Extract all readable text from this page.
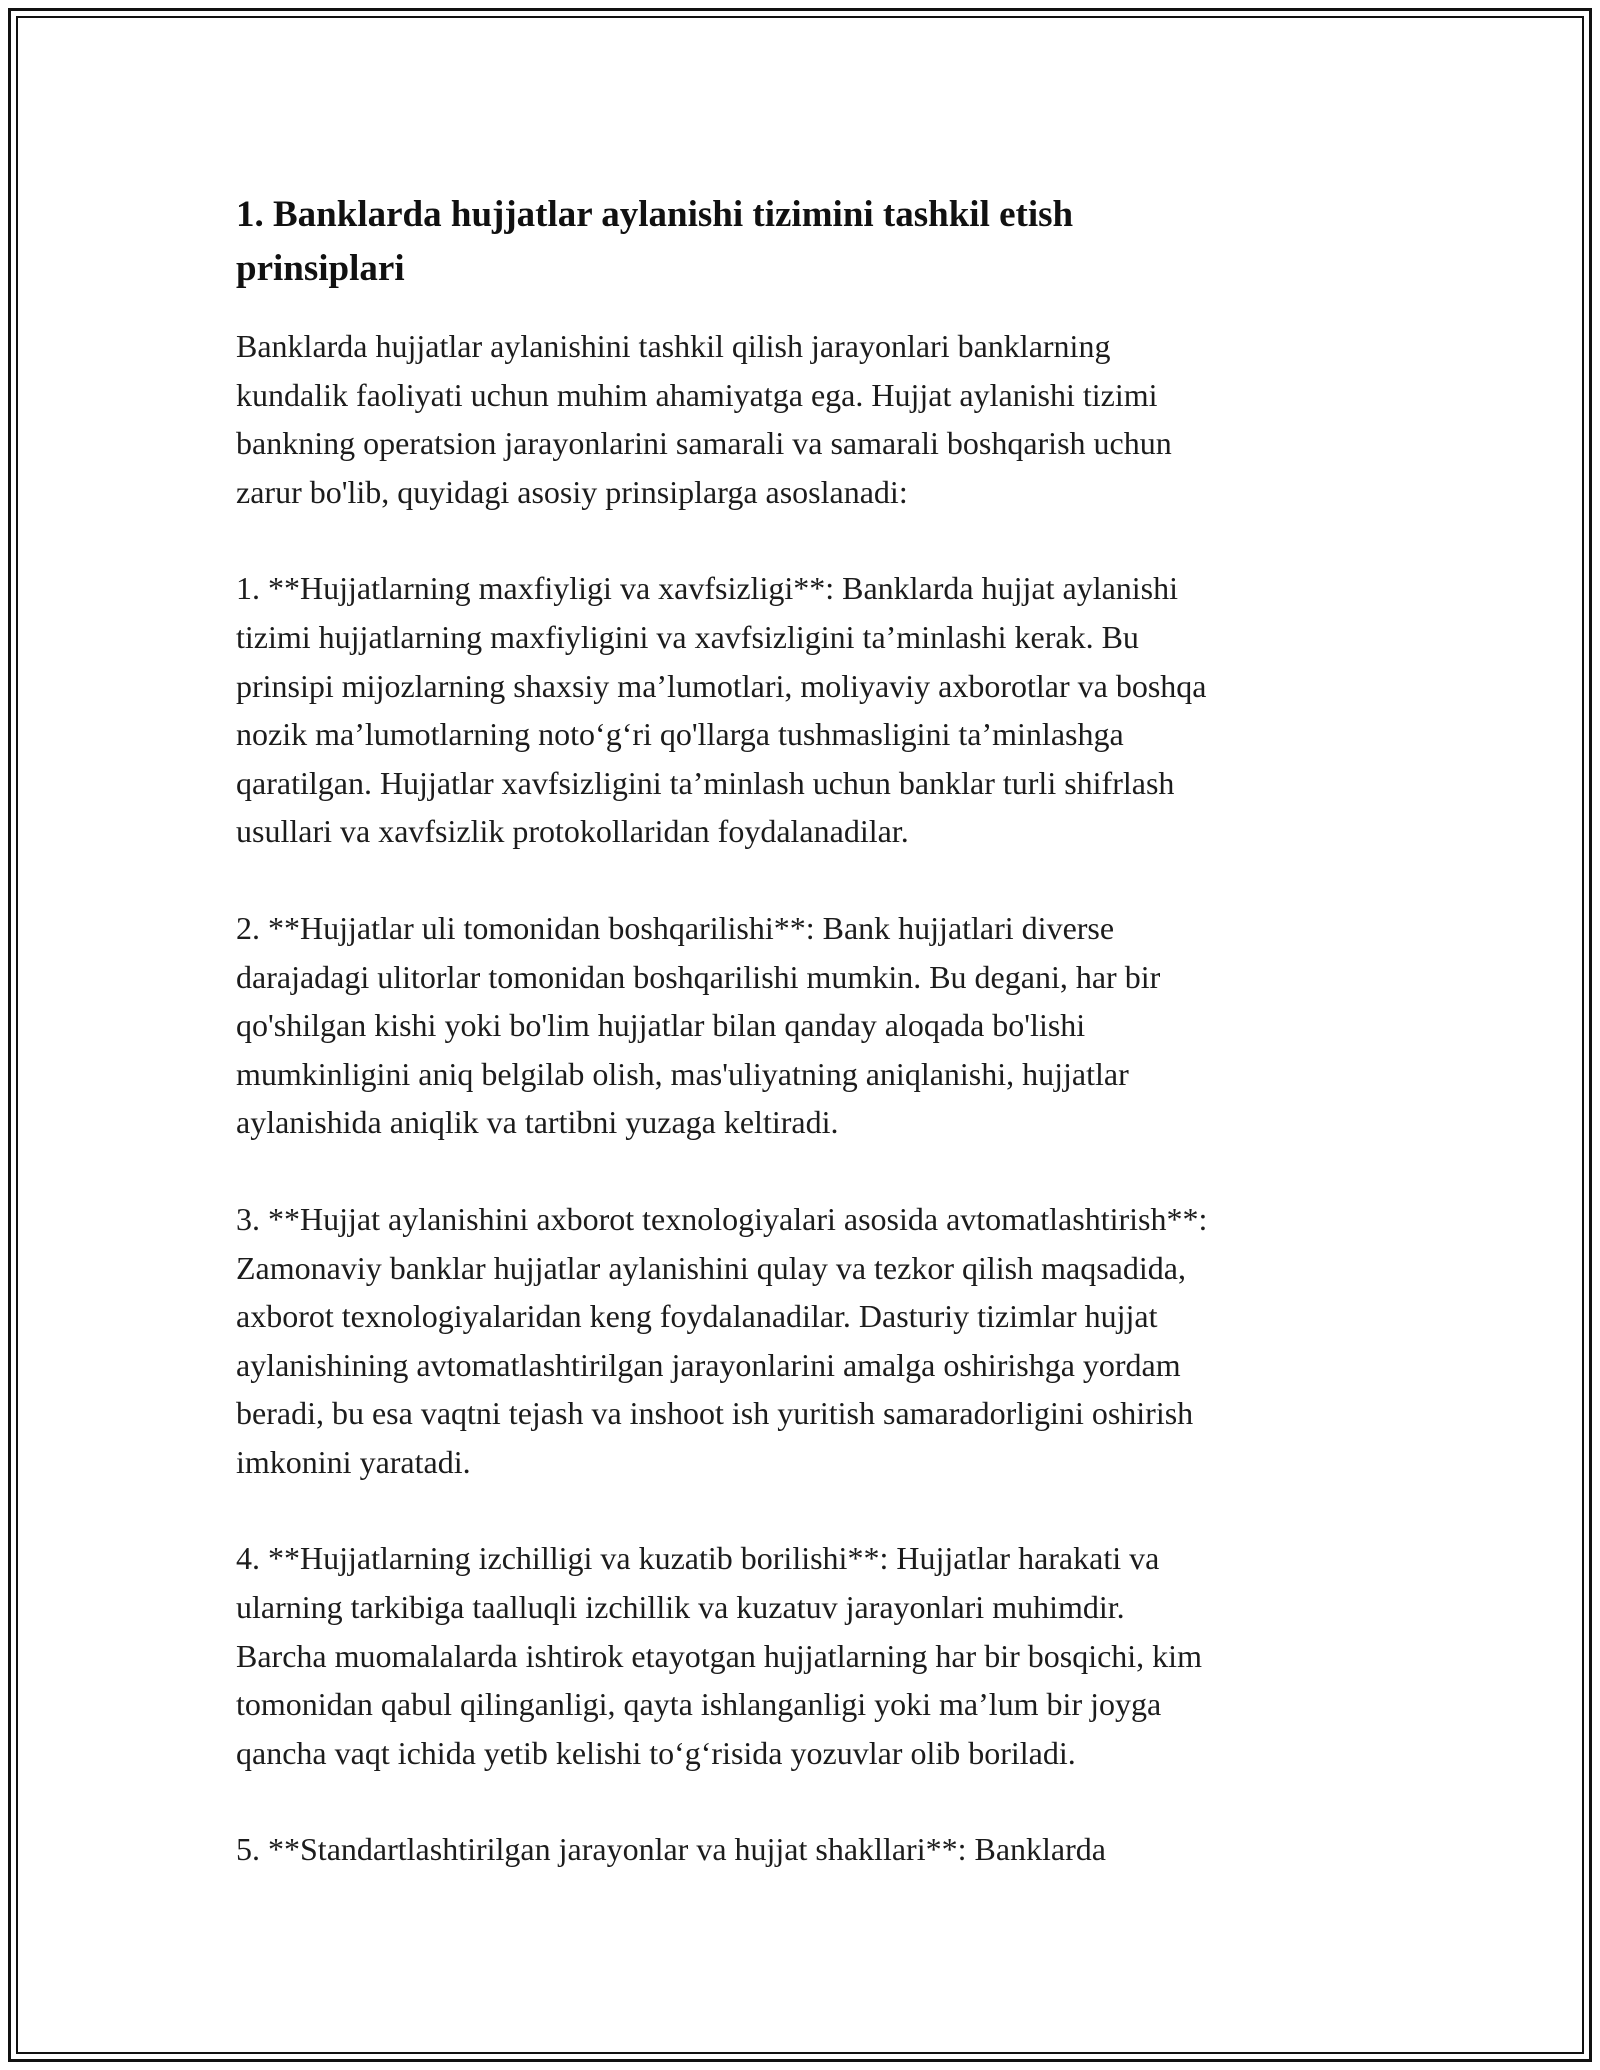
1. Banklarda hujjatlar aylanishi tizimini tashkil etish
prinsiplari

Banklarda hujjatlar aylanishini tashkil qilish jarayonlari banklarning
kundalik faoliyati uchun muhim ahamiyatga ega. Hujjat aylanishi tizimi
bankning operatsion jarayonlarini samarali va samarali boshqarish uchun
zarur bo'lib, quyidagi asosiy prinsiplarga asoslanadi:

1. **Hujjatlarning maxfiyligi va xavfsizligi**: Banklarda hujjat aylanishi
tizimi hujjatlarning maxfiyligini va xavfsizligini ta’minlashi kerak. Bu
prinsipi mijozlarning shaxsiy ma’lumotlari, moliyaviy axborotlar va boshqa
nozik ma’lumotlarning noto‘g‘ri qo'llarga tushmasligini ta’minlashga
qaratilgan. Hujjatlar xavfsizligini ta’minlash uchun banklar turli shifrlash
usullari va xavfsizlik protokollaridan foydalanadilar.

2. **Hujjatlar uli tomonidan boshqarilishi**: Bank hujjatlari diverse
darajadagi ulitorlar tomonidan boshqarilishi mumkin. Bu degani, har bir
qo'shilgan kishi yoki bo'lim hujjatlar bilan qanday aloqada bo'lishi
mumkinligini aniq belgilab olish, mas'uliyatning aniqlanishi, hujjatlar
aylanishida aniqlik va tartibni yuzaga keltiradi.

3. **Hujjat aylanishini axborot texnologiyalari asosida avtomatlashtirish**:
Zamonaviy banklar hujjatlar aylanishini qulay va tezkor qilish maqsadida,
axborot texnologiyalaridan keng foydalanadilar. Dasturiy tizimlar hujjat
aylanishining avtomatlashtirilgan jarayonlarini amalga oshirishga yordam
beradi, bu esa vaqtni tejash va inshoot ish yuritish samaradorligini oshirish
imkonini yaratadi.

4. **Hujjatlarning izchilligi va kuzatib borilishi**: Hujjatlar harakati va
ularning tarkibiga taalluqli izchillik va kuzatuv jarayonlari muhimdir.
Barcha muomalalarda ishtirok etayotgan hujjatlarning har bir bosqichi, kim
tomonidan qabul qilinganligi, qayta ishlanganligi yoki ma’lum bir joyga
qancha vaqt ichida yetib kelishi to‘g‘risida yozuvlar olib boriladi.

5. **Standartlashtirilgan jarayonlar va hujjat shakllari**: Banklarda
